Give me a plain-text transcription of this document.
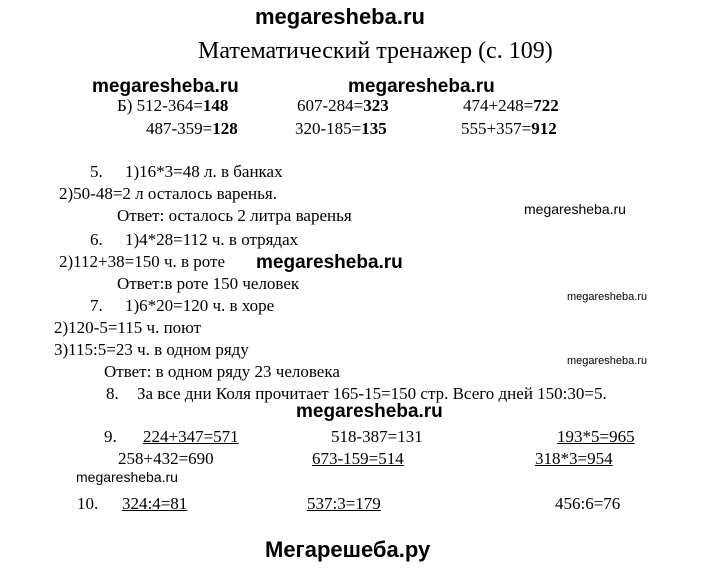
megaresheba.ru
megaresheba.ru	megaresheba.ru
megaresheba.ru
megaresheba.ru
megaresheba.ru
megaresheba.ru
megaresheba.ru
megaresheba.ru
Мегарешеба.ру
Математический тренажер (с. 109)
Б) 512-364=148	607-284=323	474+248=722
487-359=128	320-185=135	555+357=912
5. 1)16*3=48 л. в банках
2)50-48=2 л осталось варенья.
Ответ: осталось 2 литра варенья
6. 1)4*28=112 ч. в отрядах
2)112+38=150 ч. в роте
Ответ:в роте 150 человек
7. 1)6*20=120 ч. в хоре
2)120-5=115 ч. поют
3)115:5=23 ч. в одном ряду
Ответ: в одном ряду 23 человека
8. За все дни Коля прочитает 165-15=150 стр. Всего дней 150:30=5.
9. 224+347=571	518-387=131	193*5=965
258+432=690	673-159=514	318*3=954
10. 324:4=81	537:3=179	456:6=76
